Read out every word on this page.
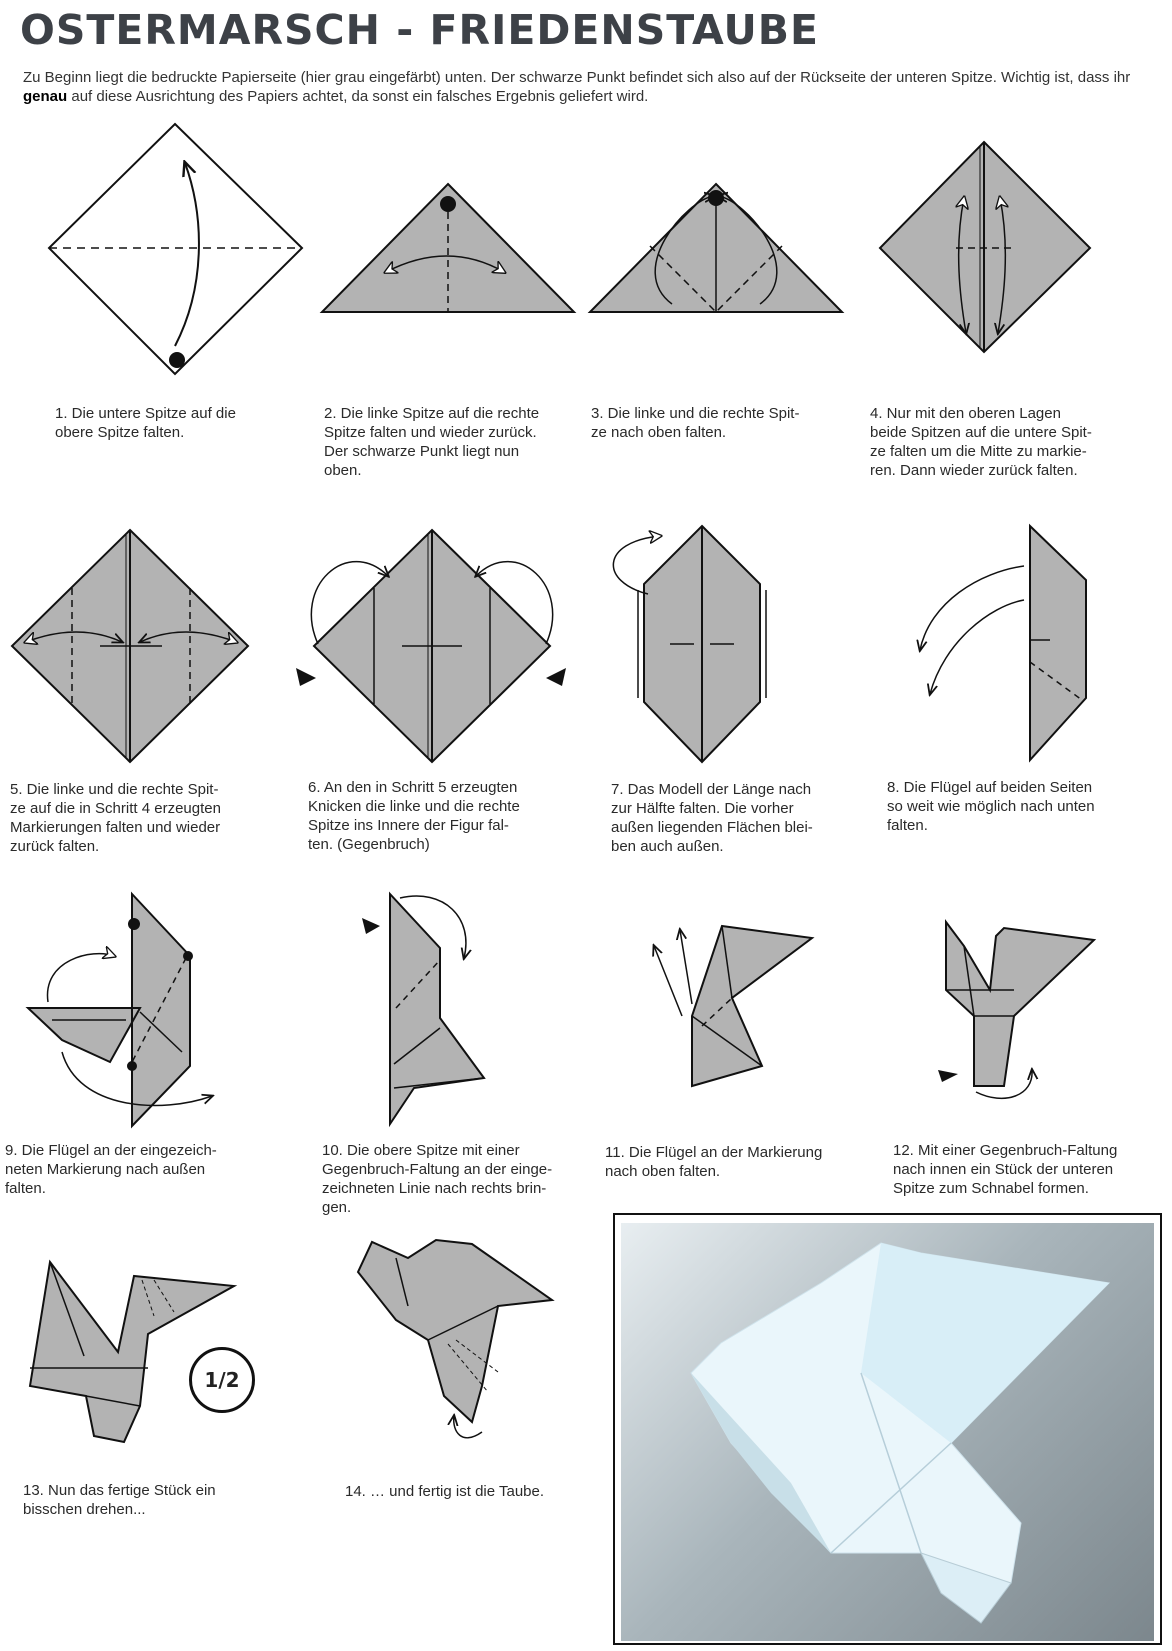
OSTERMARSCH - FRIEDENSTAUBE

Zu Beginn liegt die bedruckte Papierseite (hier grau eingefärbt) unten. Der schwarze Punkt befindet sich also auf der Rückseite der unteren Spitze. Wichtig ist, dass ihr genau auf diese Ausrichtung des Papiers achtet, da sonst ein falsches Ergebnis geliefert wird.

1. Die untere Spitze auf die
obere Spitze falten.

2. Die linke Spitze auf die rechte
Spitze falten und wieder zurück.
Der schwarze Punkt liegt nun
oben.

3. Die linke und die rechte Spit-
ze nach oben falten.

4. Nur mit den oberen Lagen
beide Spitzen auf die untere Spit-
ze falten um die Mitte zu markie-
ren. Dann wieder zurück falten.

5. Die linke und die rechte Spit-
ze auf die in Schritt 4 erzeugten
Markierungen falten und wieder
zurück falten.

6. An den in Schritt 5 erzeugten
Knicken die linke und die rechte
Spitze ins Innere der Figur fal-
ten. (Gegenbruch)

7. Das Modell der Länge nach
zur Hälfte falten. Die vorher
außen liegenden Flächen blei-
ben auch außen.

8. Die Flügel auf beiden Seiten
so weit wie möglich nach unten
falten.

9. Die Flügel an der eingezeich-
neten Markierung nach außen
falten.

10. Die obere Spitze mit einer
Gegenbruch-Faltung an der einge-
zeichneten Linie nach rechts brin-
gen.

11. Die Flügel an der Markierung
nach oben falten.

12. Mit einer Gegenbruch-Faltung
nach innen ein Stück der unteren
Spitze zum Schnabel formen.

1/2

13. Nun das fertige Stück ein
bisschen drehen...

14. … und fertig ist die Taube.
